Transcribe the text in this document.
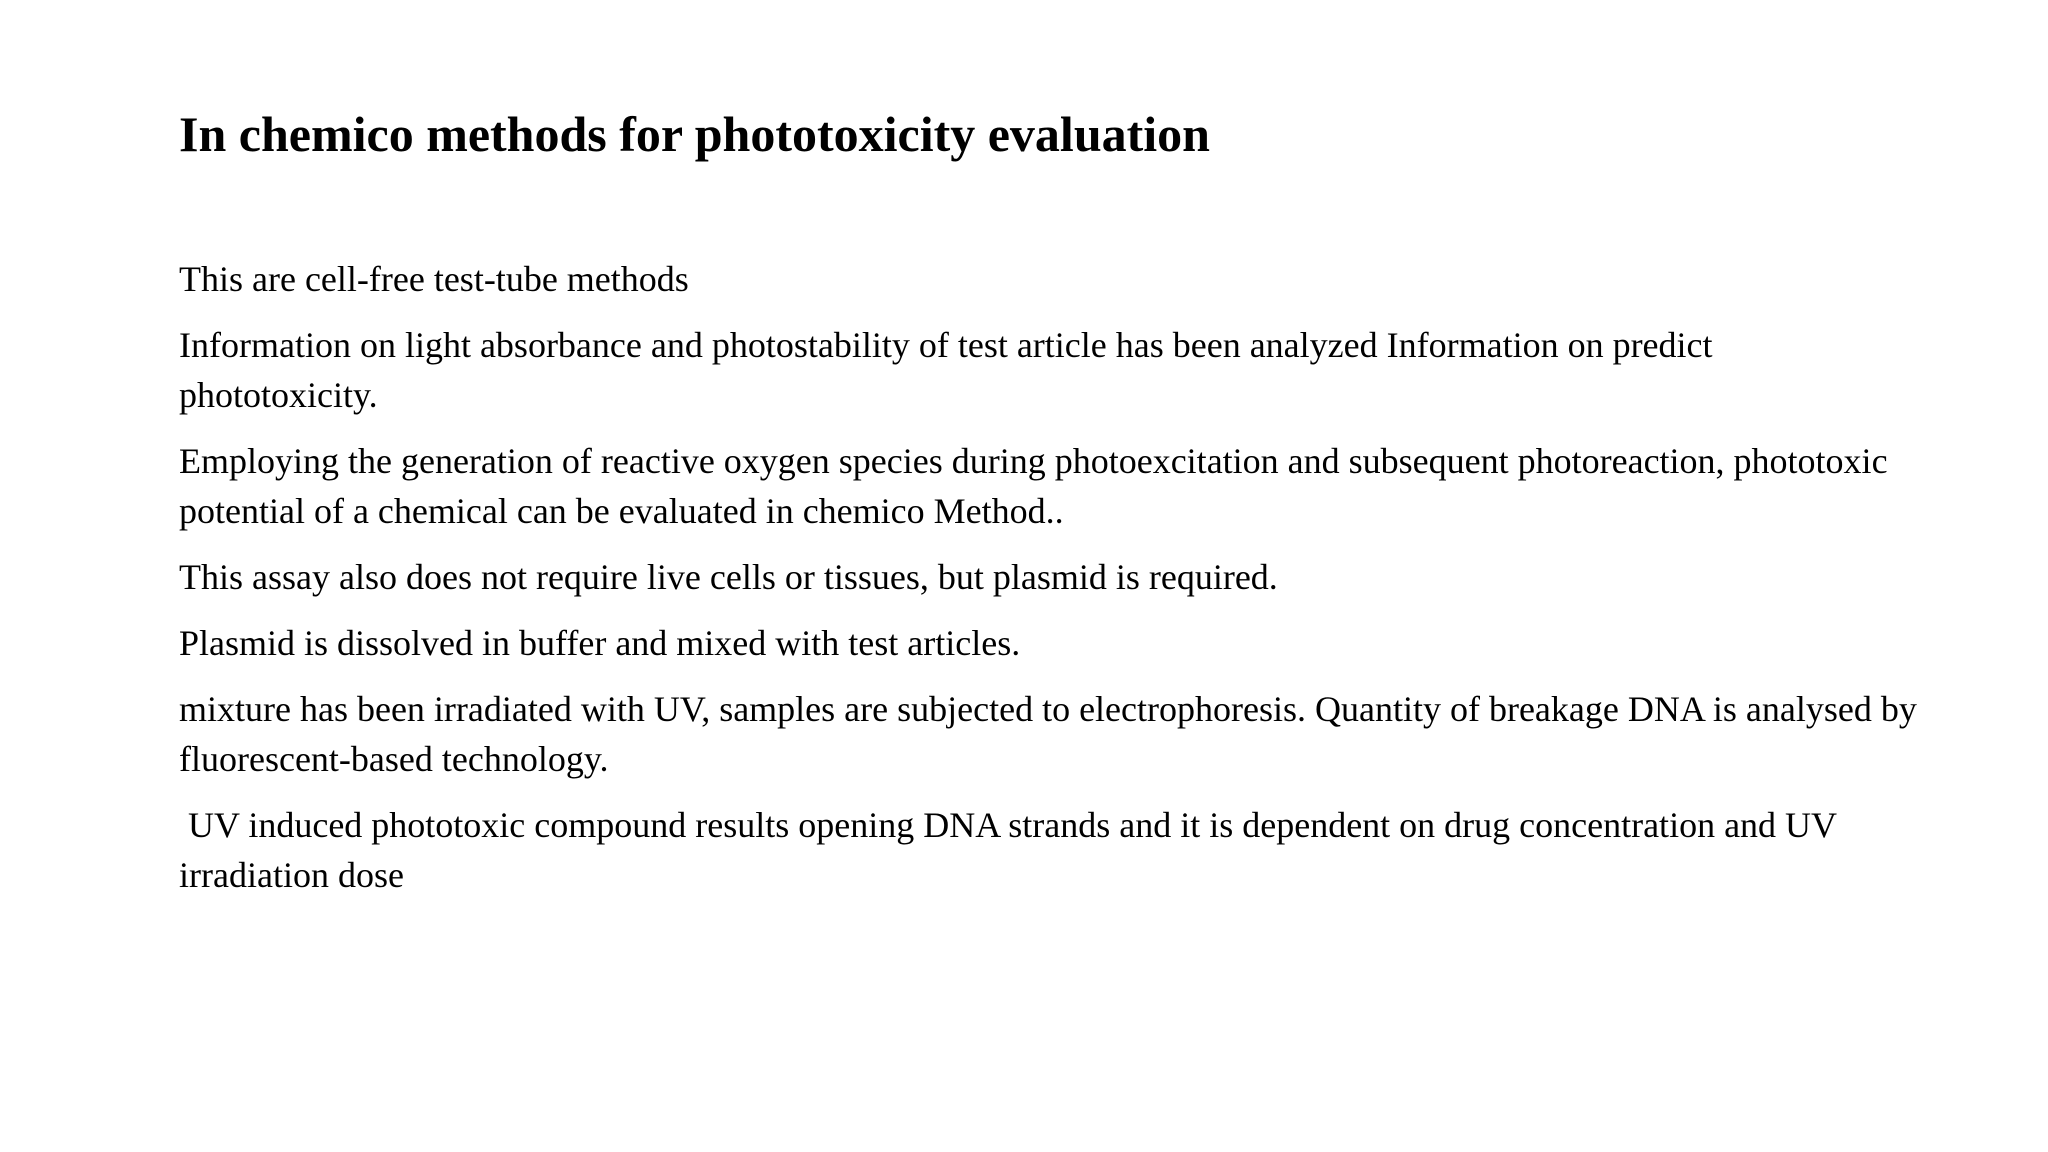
In chemico methods for phototoxicity evaluation

This are cell-free test-tube methods

Information on light absorbance and photostability of test article has been analyzed Information on predict phototoxicity.

Employing the generation of reactive oxygen species during photoexcitation and subsequent photoreaction, phototoxic potential of a chemical can be evaluated in chemico Method..

This assay also does not require live cells or tissues, but plasmid is required.

Plasmid is dissolved in buffer and mixed with test articles.

mixture has been irradiated with UV, samples are subjected to electrophoresis. Quantity of breakage DNA is analysed by fluorescent-based technology.

UV induced phototoxic compound results opening DNA strands and it is dependent on drug concentration and UV irradiation dose
